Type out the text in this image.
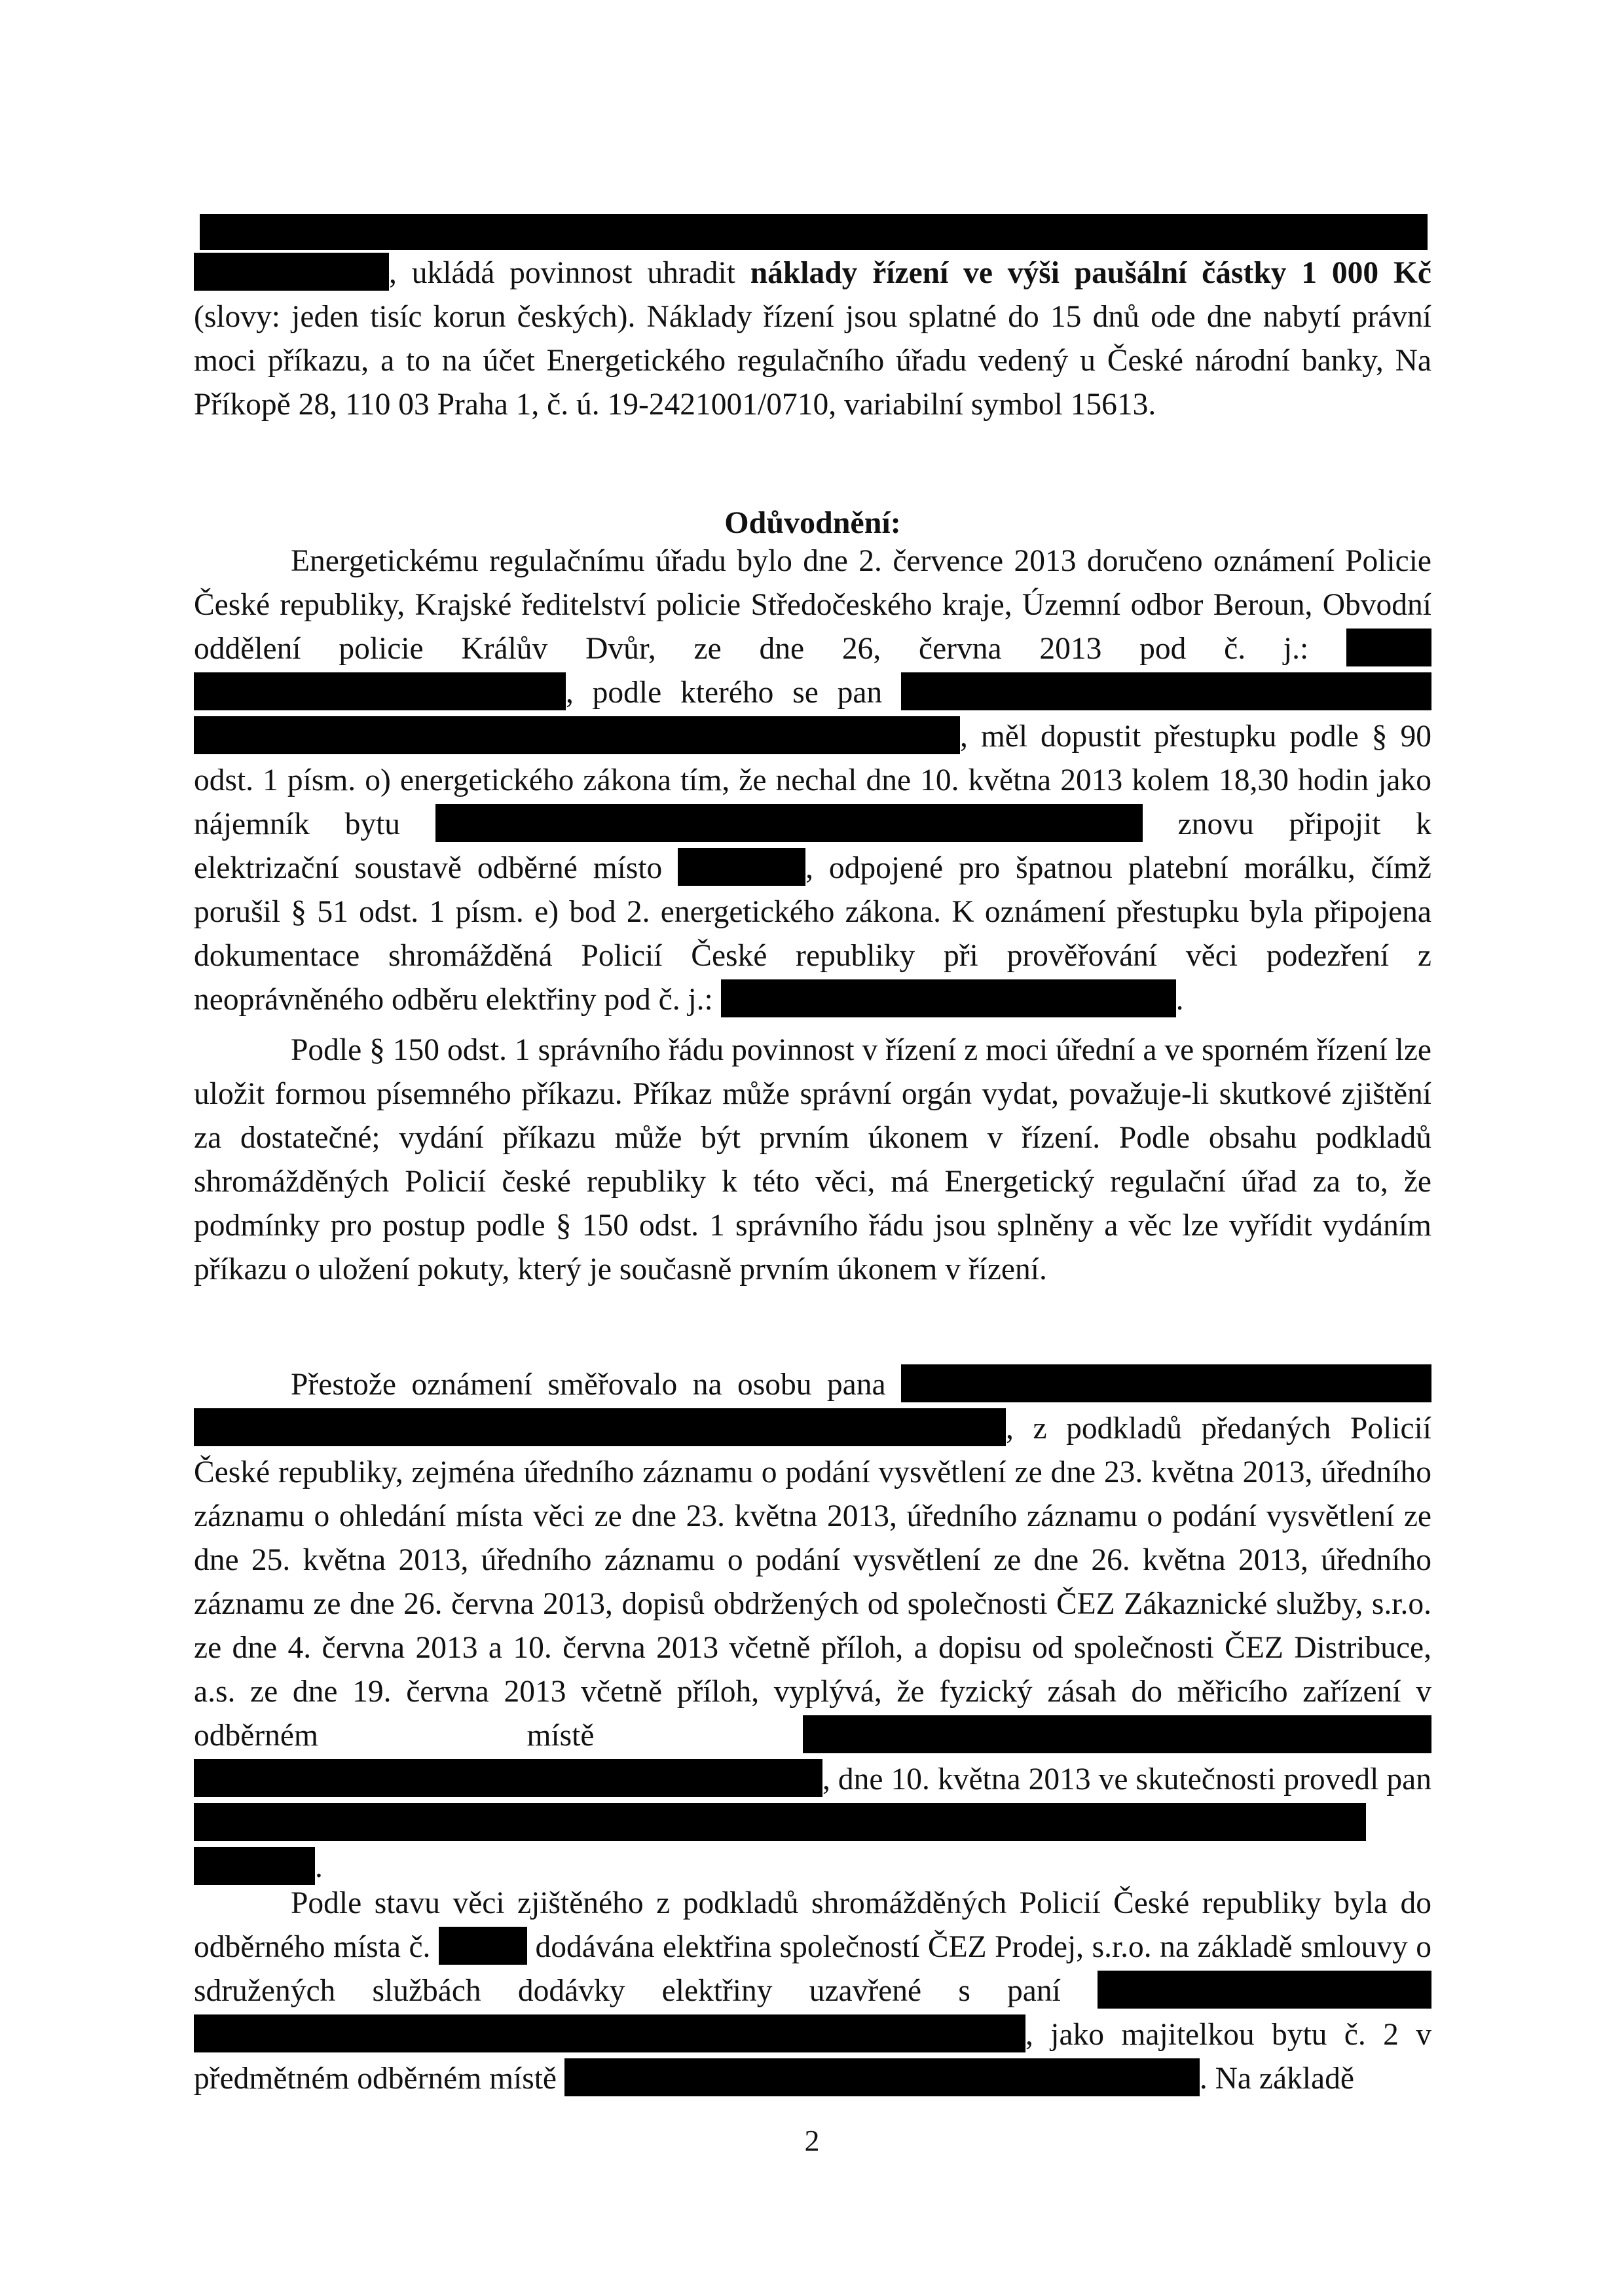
, ukládá povinnost uhradit náklady řízení ve výši paušální částky 1 000 Kč (slovy: jeden tisíc korun českých). Náklady řízení jsou splatné do 15 dnů ode dne nabytí právní moci příkazu, a to na účet Energetického regulačního úřadu vedený u České národní banky, Na Příkopě 28, 110 03 Praha 1, č. ú. 19-2421001/0710, variabilní symbol 15613.

Odůvodnění:

Energetickému regulačnímu úřadu bylo dne 2. července 2013 doručeno oznámení Policie České republiky, Krajské ředitelství policie Středočeského kraje, Územní odbor Beroun, Obvodní oddělení policie Králův Dvůr, ze dne 26, června 2013 pod č. j.:  , podle kterého se pan  , měl dopustit přestupku podle § 90 odst. 1 písm. o) energetického zákona tím, že nechal dne 10. května 2013 kolem 18,30 hodin jako nájemník bytu	znovu připojit k elektrizační soustavě odběrné místo	, odpojené pro špatnou platební morálku, čímž porušil § 51 odst. 1 písm. e) bod 2. energetického zákona. K oznámení přestupku byla připojena dokumentace shromážděná Policií České republiky při prověřování věci podezření z neoprávněného odběru elektřiny pod č. j.:	.

Podle § 150 odst. 1 správního řádu povinnost v řízení z moci úřední a ve sporném řízení lze uložit formou písemného příkazu. Příkaz může správní orgán vydat, považuje-li skutkové zjištění za dostatečné; vydání příkazu může být prvním úkonem v řízení. Podle obsahu podkladů shromážděných Policií české republiky k této věci, má Energetický regulační úřad za to, že podmínky pro postup podle § 150 odst. 1 správního řádu jsou splněny a věc lze vyřídit vydáním příkazu o uložení pokuty, který je současně prvním úkonem v řízení.

Přestože oznámení směřovalo na osobu pana  , z podkladů předaných Policií České republiky, zejména úředního záznamu o podání vysvětlení ze dne 23. května 2013, úředního záznamu o ohledání místa věci ze dne 23. května 2013, úředního záznamu o podání vysvětlení ze dne 25. května 2013, úředního záznamu o podání vysvětlení ze dne 26. května 2013, úředního záznamu ze dne 26. června 2013, dopisů obdržených od společnosti ČEZ Zákaznické služby, s.r.o. ze dne 4. června 2013 a 10. června 2013 včetně příloh, a dopisu od společnosti ČEZ Distribuce, a.s. ze dne 19. června 2013 včetně příloh, vyplývá, že fyzický zásah do měřicího zařízení v odběrném místě  , dne 10. května 2013 ve skutečnosti provedl pan  .

Podle stavu věci zjištěného z podkladů shromážděných Policií České republiky byla do odběrného místa č.	dodávána elektřina společností ČEZ Prodej, s.r.o. na základě smlouvy o sdružených službách dodávky elektřiny uzavřené s paní  , jako majitelkou bytu č. 2 v předmětném odběrném místě	. Na základě

2
